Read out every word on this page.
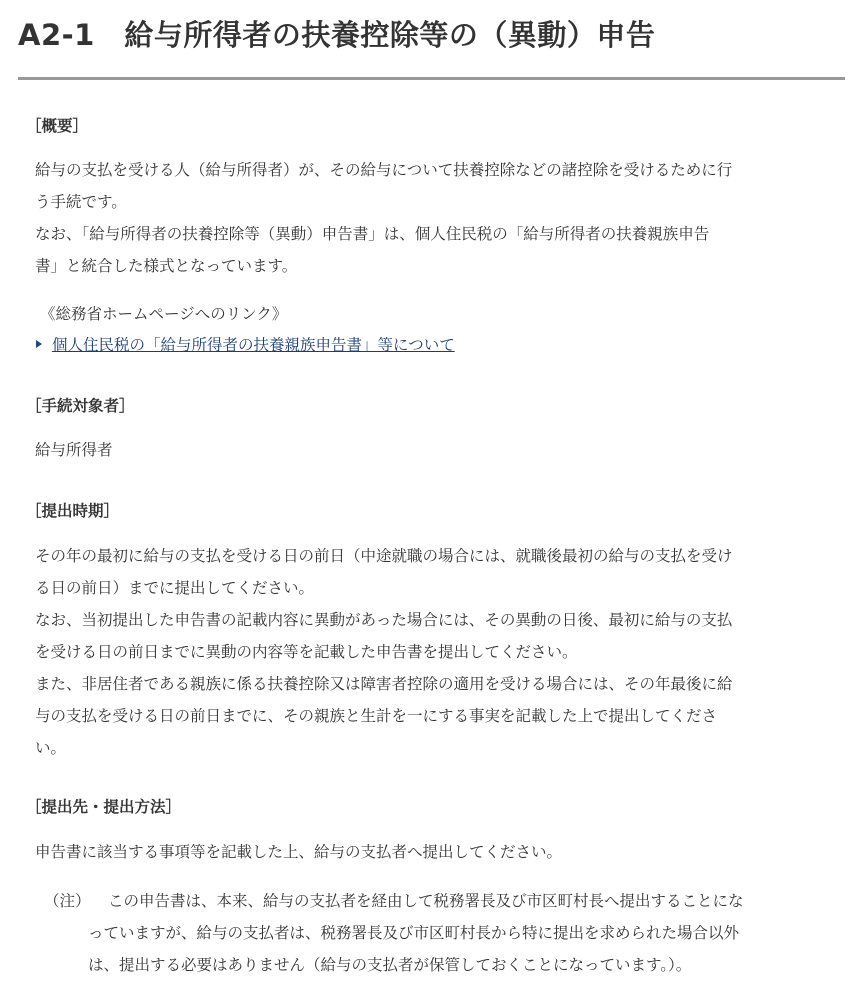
A2-1　給与所得者の扶養控除等の（異動）申告
［概要］
給与の支払を受ける人（給与所得者）が、その給与について扶養控除などの諸控除を受けるために行
う手続です。
なお、「給与所得者の扶養控除等（異動）申告書」は、個人住民税の「給与所得者の扶養親族申告
書」と統合した様式となっています。
《総務省ホームページへのリンク》
個人住民税の「給与所得者の扶養親族申告書」等について
［手続対象者］
給与所得者
［提出時期］
その年の最初に給与の支払を受ける日の前日（中途就職の場合には、就職後最初の給与の支払を受け
る日の前日）までに提出してください。
なお、当初提出した申告書の記載内容に異動があった場合には、その異動の日後、最初に給与の支払
を受ける日の前日までに異動の内容等を記載した申告書を提出してください。
また、非居住者である親族に係る扶養控除又は障害者控除の適用を受ける場合には、その年最後に給
与の支払を受ける日の前日までに、その親族と生計を一にする事実を記載した上で提出してくださ
い。
［提出先・提出方法］
申告書に該当する事項等を記載した上、給与の支払者へ提出してください。
（注）	この申告書は、本来、給与の支払者を経由して税務署長及び市区町村長へ提出することにな
っていますが、給与の支払者は、税務署長及び市区町村長から特に提出を求められた場合以外
は、提出する必要はありません（給与の支払者が保管しておくことになっています。）。
